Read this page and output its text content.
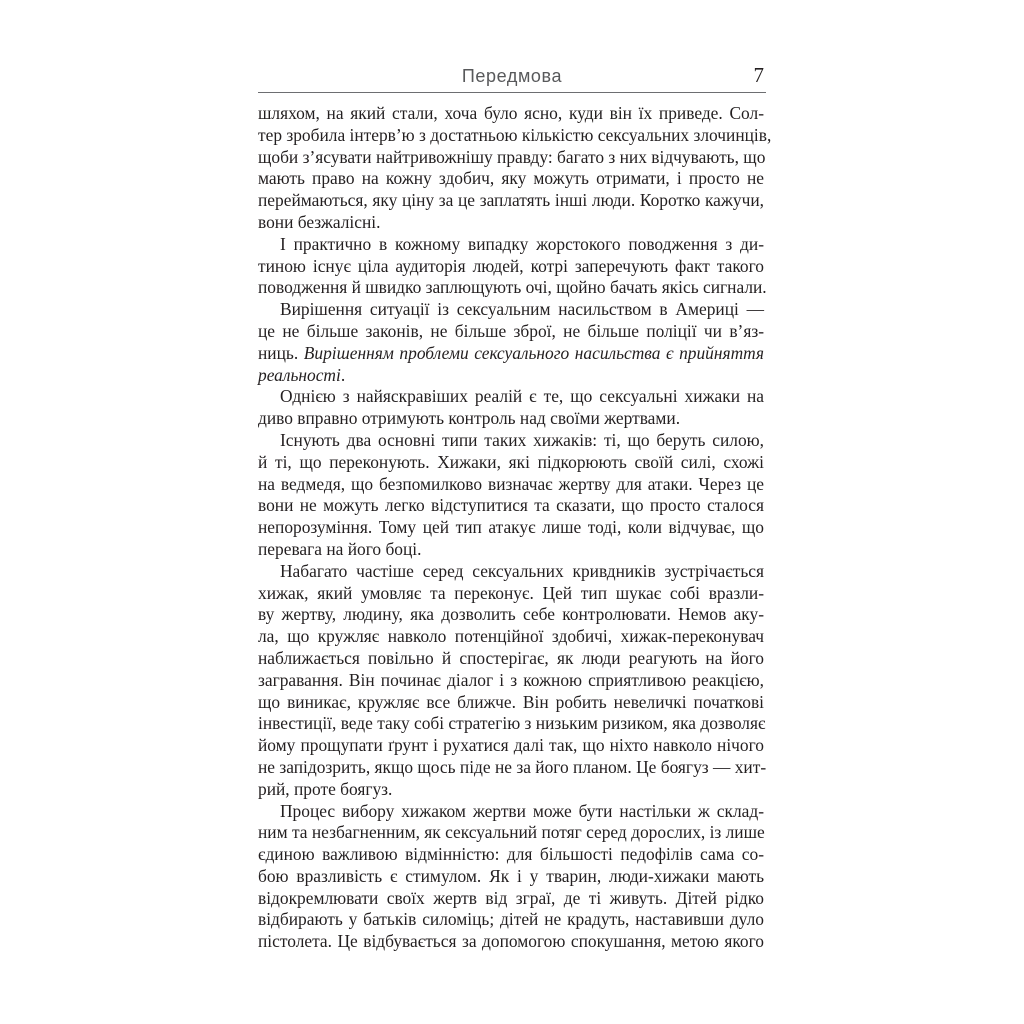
Передмова	7
шляхом, на який стали, хоча було ясно, куди він їх приведе. Сол-
тер зробила інтерв’ю з достатньою кількістю сексуальних злочинців,
щоби з’ясувати найтривожнішу правду: багато з них відчувають, що
мають право на кожну здобич, яку можуть отримати, і просто не
переймаються, яку ціну за це заплатять інші люди. Коротко кажучи,
вони безжалісні.
І практично в кожному випадку жорстокого поводження з ди-
тиною існує ціла аудиторія людей, котрі заперечують факт такого
поводження й швидко заплющують очі, щойно бачать якісь сигнали.
Вирішення ситуації із сексуальним насильством в Америці —
це не більше законів, не більше зброї, не більше поліції чи в’яз-
ниць. Вирішенням проблеми сексуального насильства є прийняття
реальності.
Однією з найяскравіших реалій є те, що сексуальні хижаки на
диво вправно отримують контроль над своїми жертвами.
Існують два основні типи таких хижаків: ті, що беруть силою,
й ті, що переконують. Хижаки, які підкорюють своїй силі, схожі
на ведмедя, що безпомилково визначає жертву для атаки. Через це
вони не можуть легко відступитися та сказати, що просто сталося
непорозуміння. Тому цей тип атакує лише тоді, коли відчуває, що
перевага на його боці.
Набагато частіше серед сексуальних кривдників зустрічається
хижак, який умовляє та переконує. Цей тип шукає собі вразли-
ву жертву, людину, яка дозволить себе контролювати. Немов аку-
ла, що кружляє навколо потенційної здобичі, хижак-переконувач
наближається повільно й спостерігає, як люди реагують на його
загравання. Він починає діалог і з кожною сприятливою реакцією,
що виникає, кружляє все ближче. Він робить невеличкі початкові
інвестиції, веде таку собі стратегію з низьким ризиком, яка дозволяє
йому прощупати ґрунт і рухатися далі так, що ніхто навколо нічого
не запідозрить, якщо щось піде не за його планом. Це боягуз — хит-
рий, проте боягуз.
Процес вибору хижаком жертви може бути настільки ж склад-
ним та незбагненним, як сексуальний потяг серед дорослих, із лише
єдиною важливою відмінністю: для більшості педофілів сама со-
бою вразливість є стимулом. Як і у тварин, люди-хижаки мають
відокремлювати своїх жертв від зграї, де ті живуть. Дітей рідко
відбирають у батьків силоміць; дітей не крадуть, наставивши дуло
пістолета. Це відбувається за допомогою спокушання, метою якого
